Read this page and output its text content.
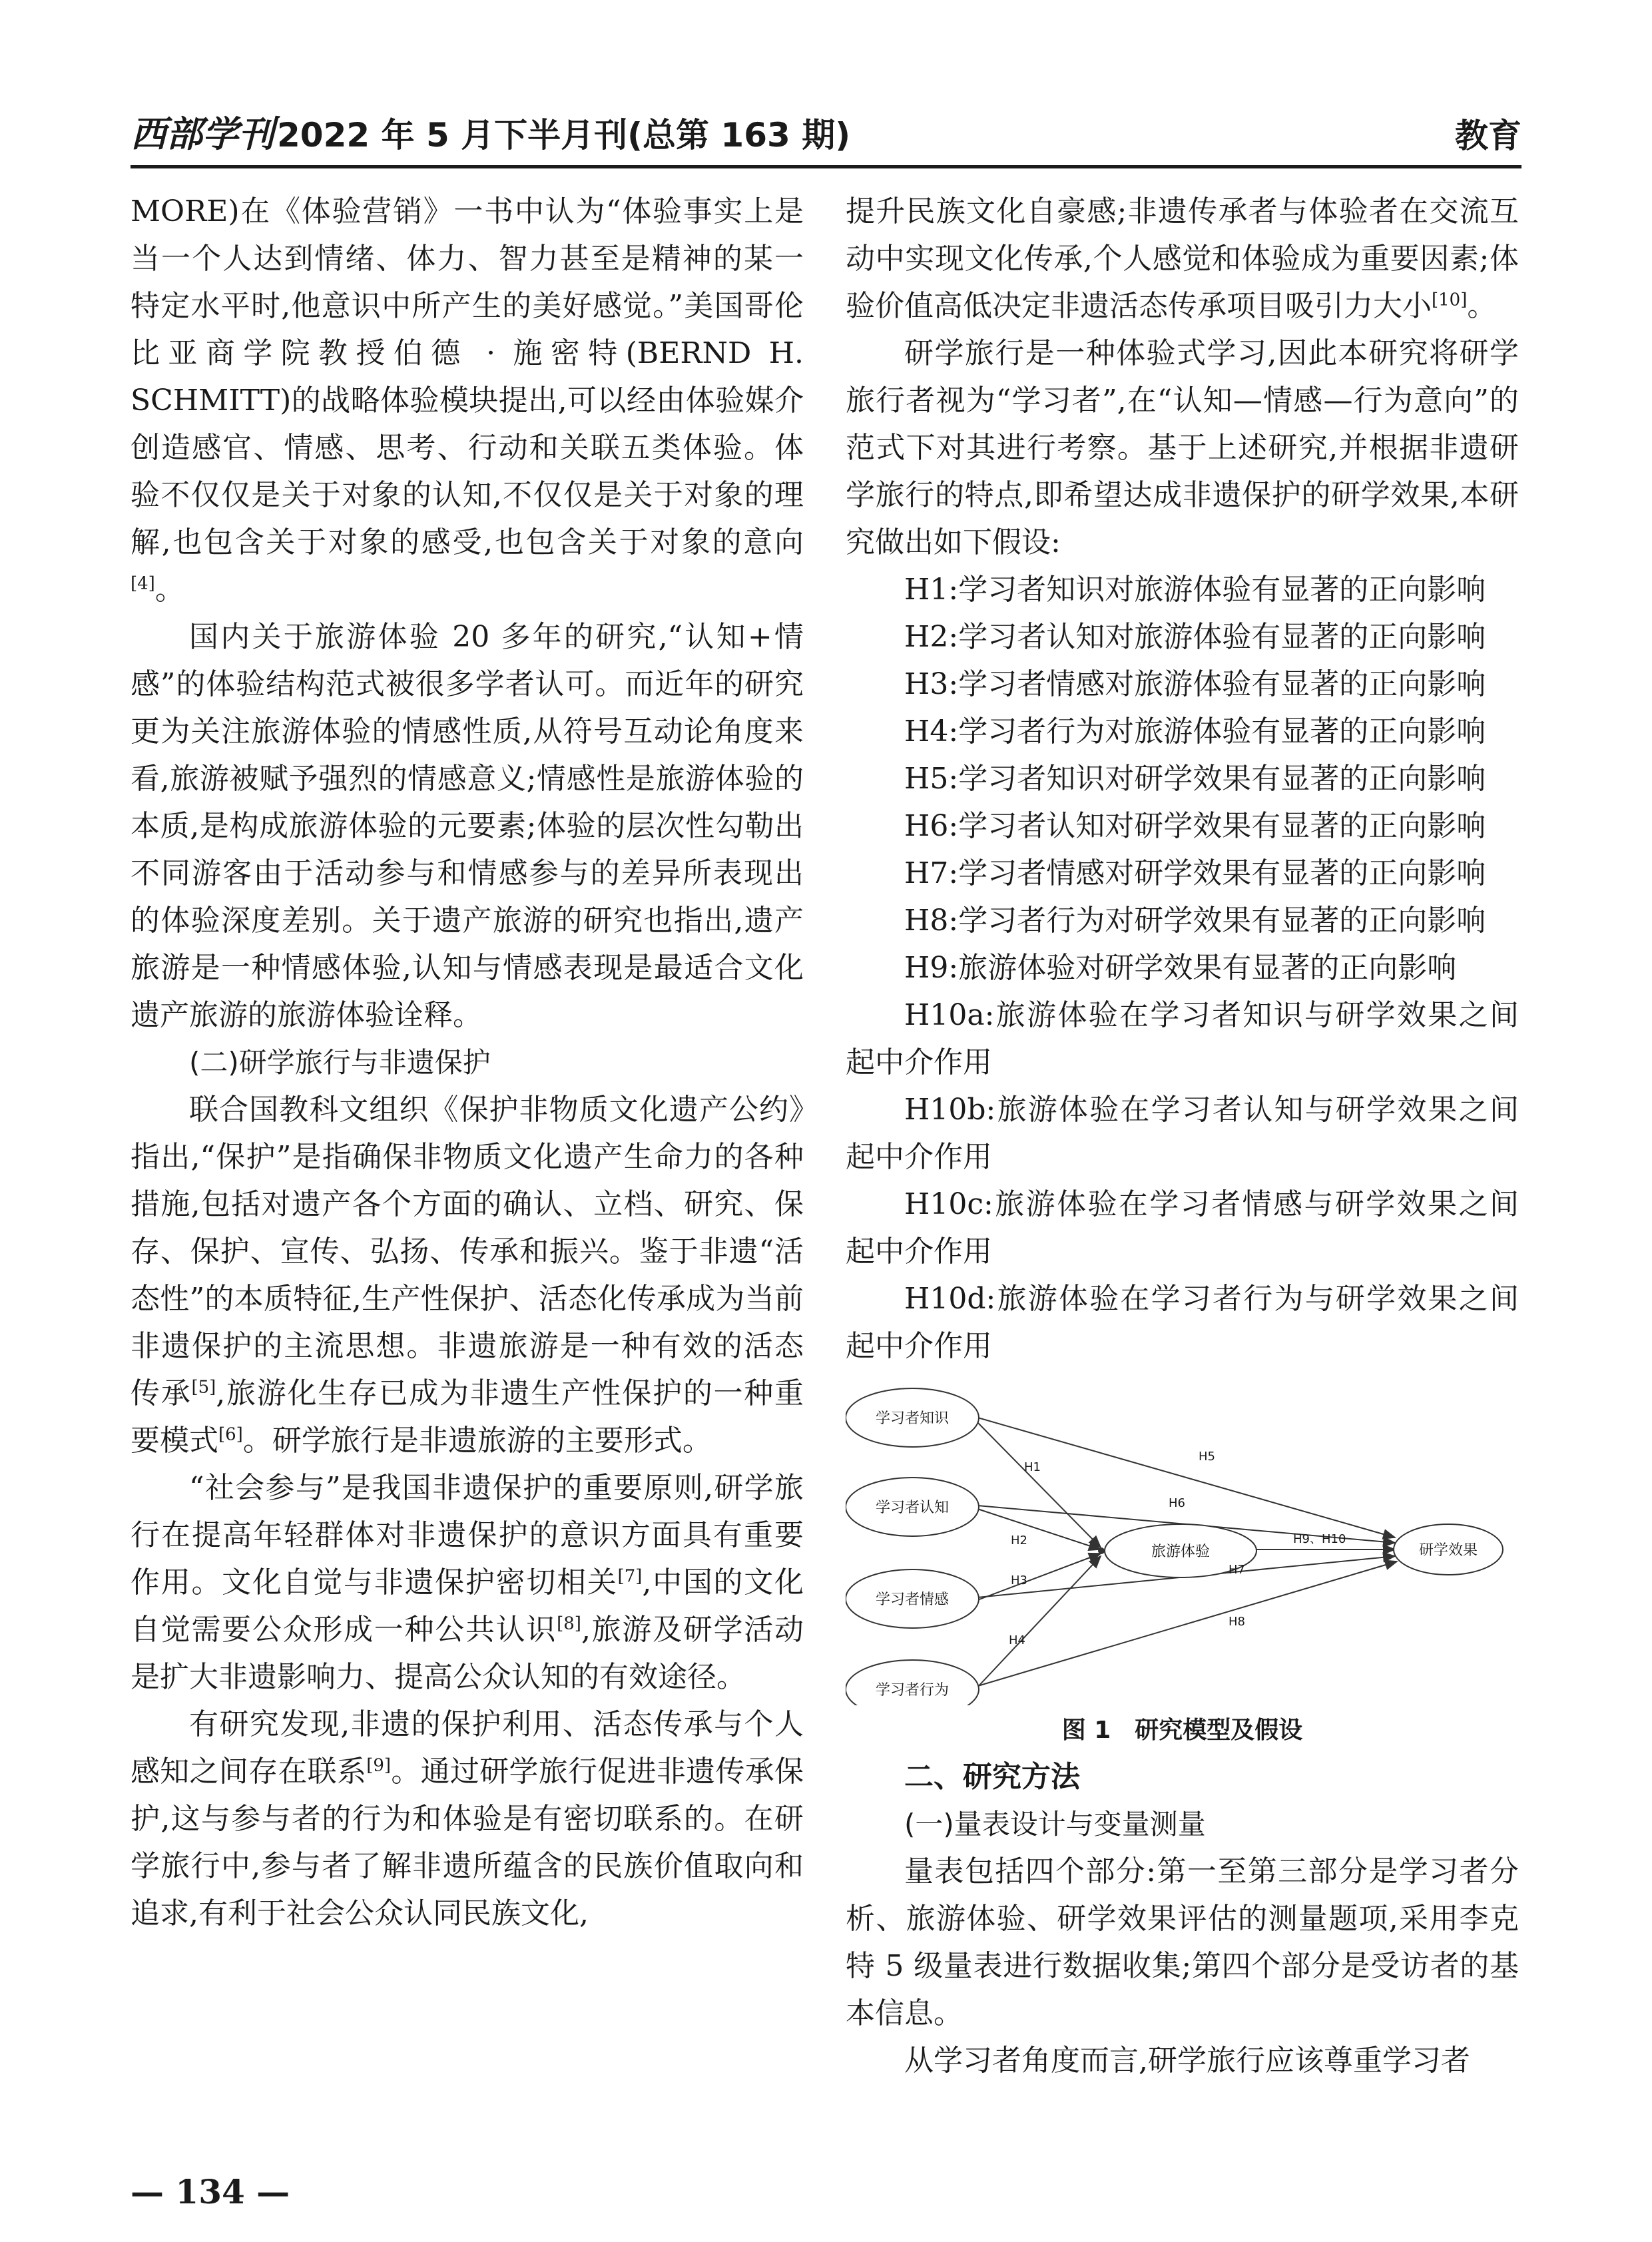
西部学刊2022 年 5 月下半月刊(总第 163 期)	教育

MORE)在《体验营销》一书中认为“体验事实上是当一个人达到情绪、体力、智力甚至是精神的某一特定水平时,他意识中所产生的美好感觉。”美国哥伦比亚商学院教授伯德 · 施密特(BERND H. SCHMITT)的战略体验模块提出,可以经由体验媒介创造感官、情感、思考、行动和关联五类体验。体验不仅仅是关于对象的认知,不仅仅是关于对象的理解,也包含关于对象的感受,也包含关于对象的意向[4]。

国内关于旅游体验 20 多年的研究,“认知+情感”的体验结构范式被很多学者认可。而近年的研究更为关注旅游体验的情感性质,从符号互动论角度来看,旅游被赋予强烈的情感意义;情感性是旅游体验的本质,是构成旅游体验的元要素;体验的层次性勾勒出不同游客由于活动参与和情感参与的差异所表现出的体验深度差别。关于遗产旅游的研究也指出,遗产旅游是一种情感体验,认知与情感表现是最适合文化遗产旅游的旅游体验诠释。

(二)研学旅行与非遗保护

联合国教科文组织《保护非物质文化遗产公约》指出,“保护”是指确保非物质文化遗产生命力的各种措施,包括对遗产各个方面的确认、立档、研究、保存、保护、宣传、弘扬、传承和振兴。鉴于非遗“活态性”的本质特征,生产性保护、活态化传承成为当前非遗保护的主流思想。非遗旅游是一种有效的活态传承[5],旅游化生存已成为非遗生产性保护的一种重要模式[6]。研学旅行是非遗旅游的主要形式。

“社会参与”是我国非遗保护的重要原则,研学旅行在提高年轻群体对非遗保护的意识方面具有重要作用。文化自觉与非遗保护密切相关[7],中国的文化自觉需要公众形成一种公共认识[8],旅游及研学活动是扩大非遗影响力、提高公众认知的有效途径。

有研究发现,非遗的保护利用、活态传承与个人感知之间存在联系[9]。通过研学旅行促进非遗传承保护,这与参与者的行为和体验是有密切联系的。在研学旅行中,参与者了解非遗所蕴含的民族价值取向和追求,有利于社会公众认同民族文化,

提升民族文化自豪感;非遗传承者与体验者在交流互动中实现文化传承,个人感觉和体验成为重要因素;体验价值高低决定非遗活态传承项目吸引力大小[10]。

研学旅行是一种体验式学习,因此本研究将研学旅行者视为“学习者”,在“认知—情感—行为意向”的范式下对其进行考察。基于上述研究,并根据非遗研学旅行的特点,即希望达成非遗保护的研学效果,本研究做出如下假设:

H1:学习者知识对旅游体验有显著的正向影响

H2:学习者认知对旅游体验有显著的正向影响

H3:学习者情感对旅游体验有显著的正向影响

H4:学习者行为对旅游体验有显著的正向影响

H5:学习者知识对研学效果有显著的正向影响

H6:学习者认知对研学效果有显著的正向影响

H7:学习者情感对研学效果有显著的正向影响

H8:学习者行为对研学效果有显著的正向影响

H9:旅游体验对研学效果有显著的正向影响

H10a:旅游体验在学习者知识与研学效果之间起中介作用

H10b:旅游体验在学习者认知与研学效果之间起中介作用

H10c:旅游体验在学习者情感与研学效果之间起中介作用

H10d:旅游体验在学习者行为与研学效果之间起中介作用

学习者知识
学习者认知
学习者情感
学习者行为
旅游体验	研学效果
H1
H2
H3
H4
H5
H6
H7
H8
H9、H10
图 1　研究模型及假设

二、研究方法

(一)量表设计与变量测量

量表包括四个部分:第一至第三部分是学习者分析、旅游体验、研学效果评估的测量题项,采用李克特 5 级量表进行数据收集;第四个部分是受访者的基本信息。

从学习者角度而言,研学旅行应该尊重学习者

— 134 —
